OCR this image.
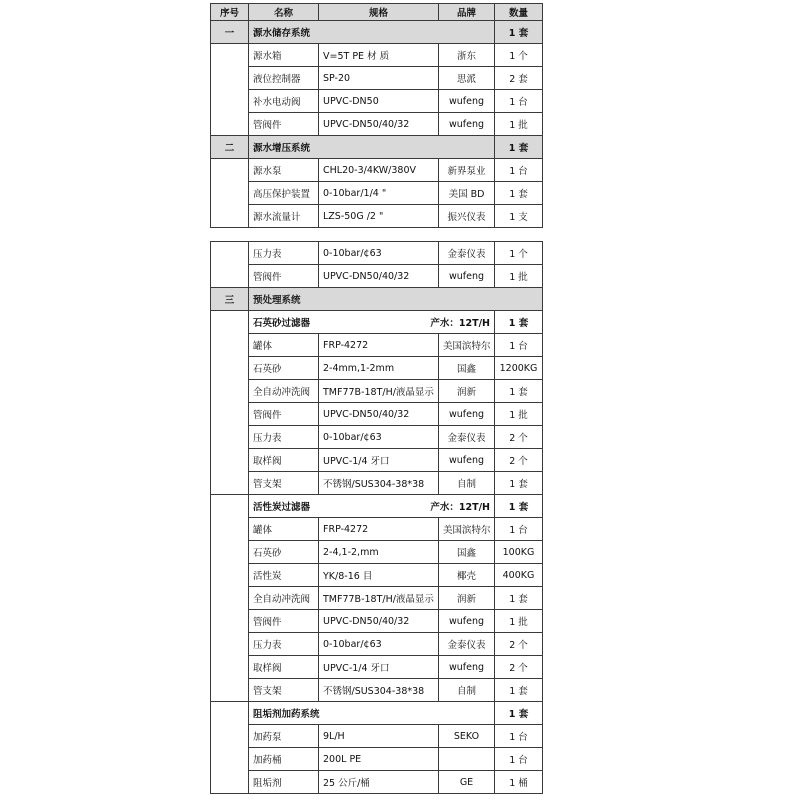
序号	名称	规格	品牌	数量
一	源水储存系统			1 套
	源水箱	V=5T PE 材 质	浙东	1 个
	液位控制器	SP-20	思派	2 套
	补水电动阀	UPVC-DN50	wufeng	1 台
	管阀件	UPVC-DN50/40/32	wufeng	1 批
二	源水增压系统			1 套
	源水泵	CHL20-3/4KW/380V	新界泵业	1 台
	高压保护装置	0-10bar/1/4 "	美国 BD	1 套
	源水流量计	LZS-50G /2 "	振兴仪表	1 支
	压力表	0-10bar/¢63	金泰仪表	1 个
	管阀件	UPVC-DN50/40/32	wufeng	1 批
三	预处理系统			

	石英砂过滤器 产水：12T/H			1 套
	罐体	FRP-4272	美国滨特尔	1 台
	石英砂	2-4mm,1-2mm	国鑫	1200KG
	全自动冲洗阀	TMF77B-18T/H/液晶显示	润新	1 套
	管阀件	UPVC-DN50/40/32	wufeng	1 批
	压力表	0-10bar/¢63	金泰仪表	2 个
	取样阀	UPVC-1/4 牙口	wufeng	2 个
	管支架	不锈钢/SUS304-38*38	自制	1 套

	活性炭过滤器 产水：12T/H			1 套
	罐体	FRP-4272	美国滨特尔	1 台
	石英砂	2-4,1-2,mm	国鑫	100KG
	活性炭	YK/8-16 目	椰壳	400KG
	全自动冲洗阀	TMF77B-18T/H/液晶显示	润新	1 套
	管阀件	UPVC-DN50/40/32	wufeng	1 批
	压力表	0-10bar/¢63	金泰仪表	2 个
	取样阀	UPVC-1/4 牙口	wufeng	2 个
	管支架	不锈钢/SUS304-38*38	自制	1 套

	阻垢剂加药系统			1 套
	加药泵	9L/H	SEKO	1 台
	加药桶	200L PE		1 台
	阻垢剂	25 公斤/桶	GE	1 桶
